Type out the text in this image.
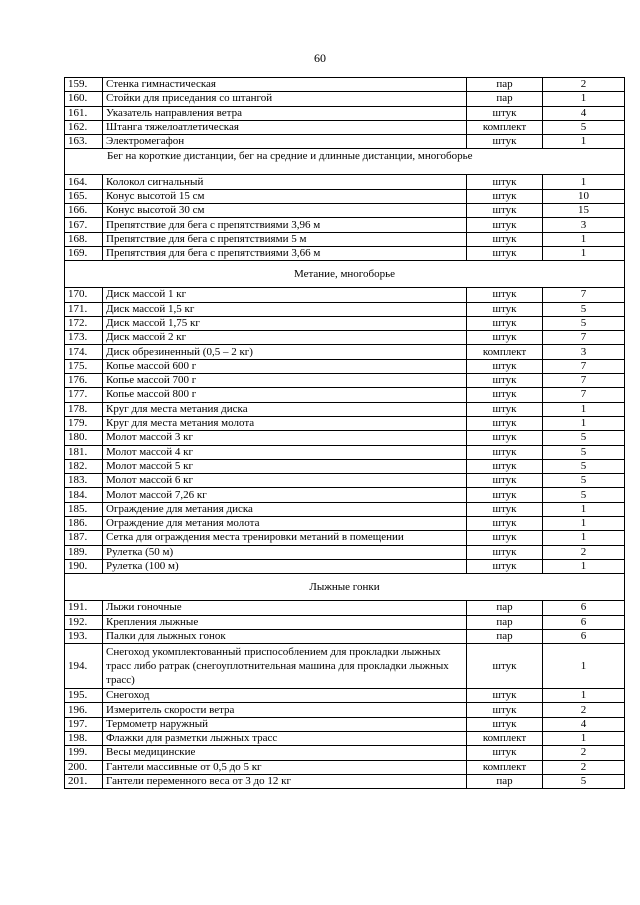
60
159.	Стенка гимнастическая	пар	2
160.	Стойки для приседания со штангой	пар	1
161.	Указатель направления ветра	штук	4
162.	Штанга тяжелоатлетическая	комплект	5
163.	Электромегафон	штук	1
Бег на короткие дистанции, бег на средние и длинные дистанции, многоборье			
164.	Колокол сигнальный	штук	1
165.	Конус высотой 15 см	штук	10
166.	Конус высотой 30 см	штук	15
167.	Препятствие для бега с препятствиями 3,96 м	штук	3
168.	Препятствие для бега с препятствиями 5 м	штук	1
169.	Препятствия для бега с препятствиями 3,66 м	штук	1
Метание, многоборье			
170.	Диск массой 1 кг	штук	7
171.	Диск массой 1,5 кг	штук	5
172.	Диск массой 1,75 кг	штук	5
173.	Диск массой 2 кг	штук	7
174.	Диск обрезиненный (0,5 – 2 кг)	комплект	3
175.	Копье массой 600 г	штук	7
176.	Копье массой 700 г	штук	7
177.	Копье массой 800 г	штук	7
178.	Круг для места метания диска	штук	1
179.	Круг для места метания молота	штук	1
180.	Молот массой 3 кг	штук	5
181.	Молот массой 4 кг	штук	5
182.	Молот массой 5 кг	штук	5
183.	Молот массой 6 кг	штук	5
184.	Молот массой 7,26 кг	штук	5
185.	Ограждение для метания диска	штук	1
186.	Ограждение для метания молота	штук	1
187.	Сетка для ограждения места тренировки метаний в помещении	штук	1
189.	Рулетка (50 м)	штук	2
190.	Рулетка (100 м)	штук	1
Лыжные гонки			
191.	Лыжи гоночные	пар	6
192.	Крепления лыжные	пар	6
193.	Палки для лыжных гонок	пар	6
194.	Снегоход укомплектованный приспособлением для прокладки лыжных трасс либо ратрак (снегоуплотнительная машина для прокладки лыжных трасс)	штук	1
195.	Снегоход	штук	1
196.	Измеритель скорости ветра	штук	2
197.	Термометр наружный	штук	4
198.	Флажки для разметки лыжных трасс	комплект	1
199.	Весы медицинские	штук	2
200.	Гантели массивные от 0,5 до 5 кг	комплект	2
201.	Гантели переменного веса от 3 до 12 кг	пар	5
